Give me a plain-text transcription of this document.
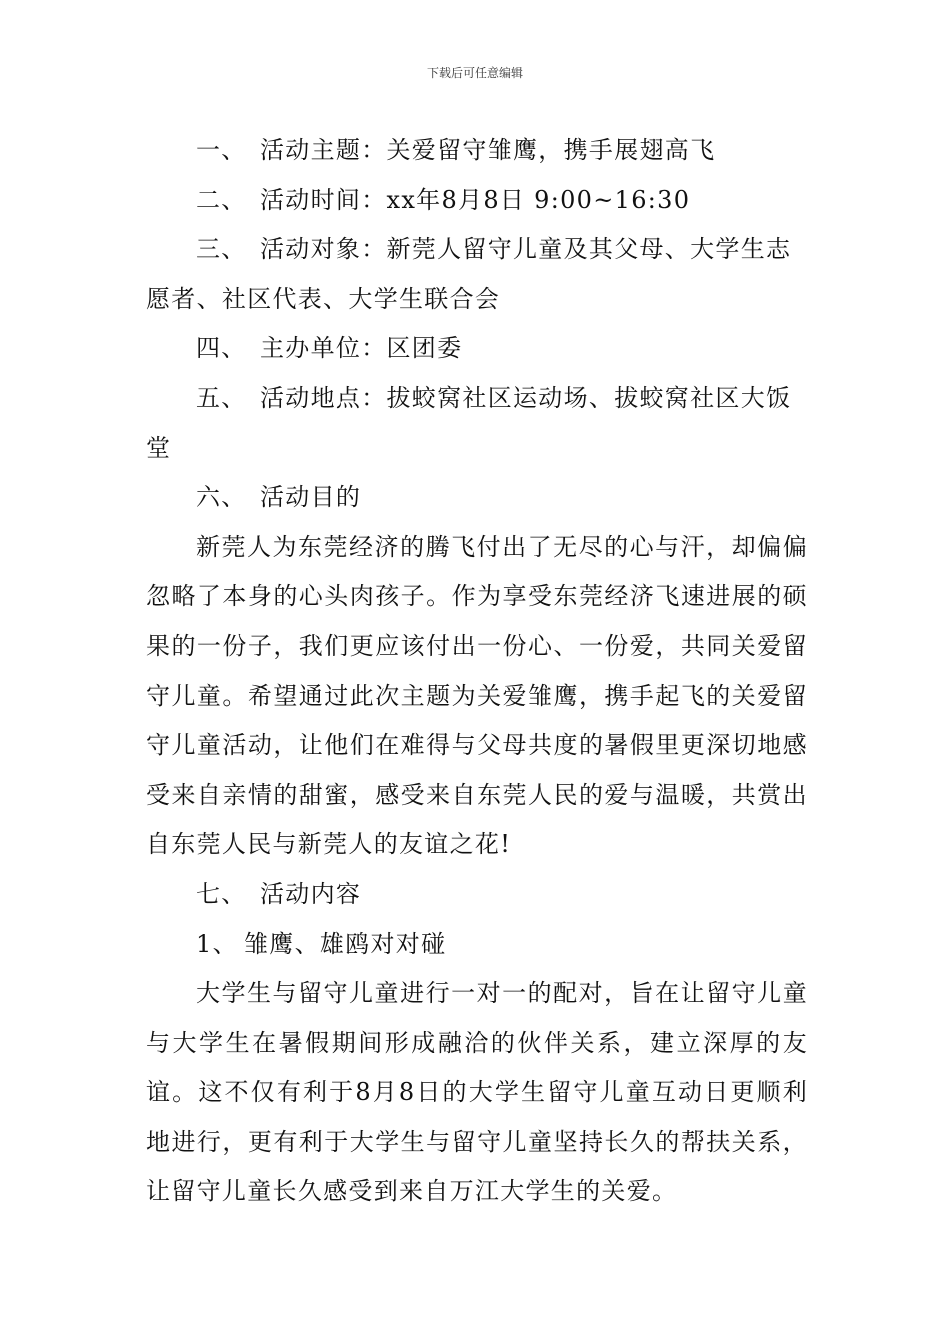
下载后可任意编辑
一、 活动主题：关爱留守雏鹰，携手展翅高飞
二、 活动时间：xx年8月8日 9:00~16:30
三、 活动对象：新莞人留守儿童及其父母、大学生志
愿者、社区代表、大学生联合会
四、 主办单位：区团委
五、 活动地点：拔蛟窝社区运动场、拔蛟窝社区大饭
堂
六、 活动目的

新莞人为东莞经济的腾飞付出了无尽的心与汗，却偏偏忽略了本身的心头肉孩子。作为享受东莞经济飞速进展的硕果的一份子，我们更应该付出一份心、一份爱，共同关爱留守儿童。希望通过此次主题为关爱雏鹰，携手起飞的关爱留守儿童活动，让他们在难得与父母共度的暑假里更深切地感受来自亲情的甜蜜，感受来自东莞人民的爱与温暖，共赏出自东莞人民与新莞人的友谊之花!

七、 活动内容
1、 雏鹰、雄鸥对对碰

大学生与留守儿童进行一对一的配对，旨在让留守儿童与大学生在暑假期间形成融洽的伙伴关系，建立深厚的友谊。这不仅有利于8月8日的大学生留守儿童互动日更顺利地进行，更有利于大学生与留守儿童坚持长久的帮扶关系，让留守儿童长久感受到来自万江大学生的关爱。
